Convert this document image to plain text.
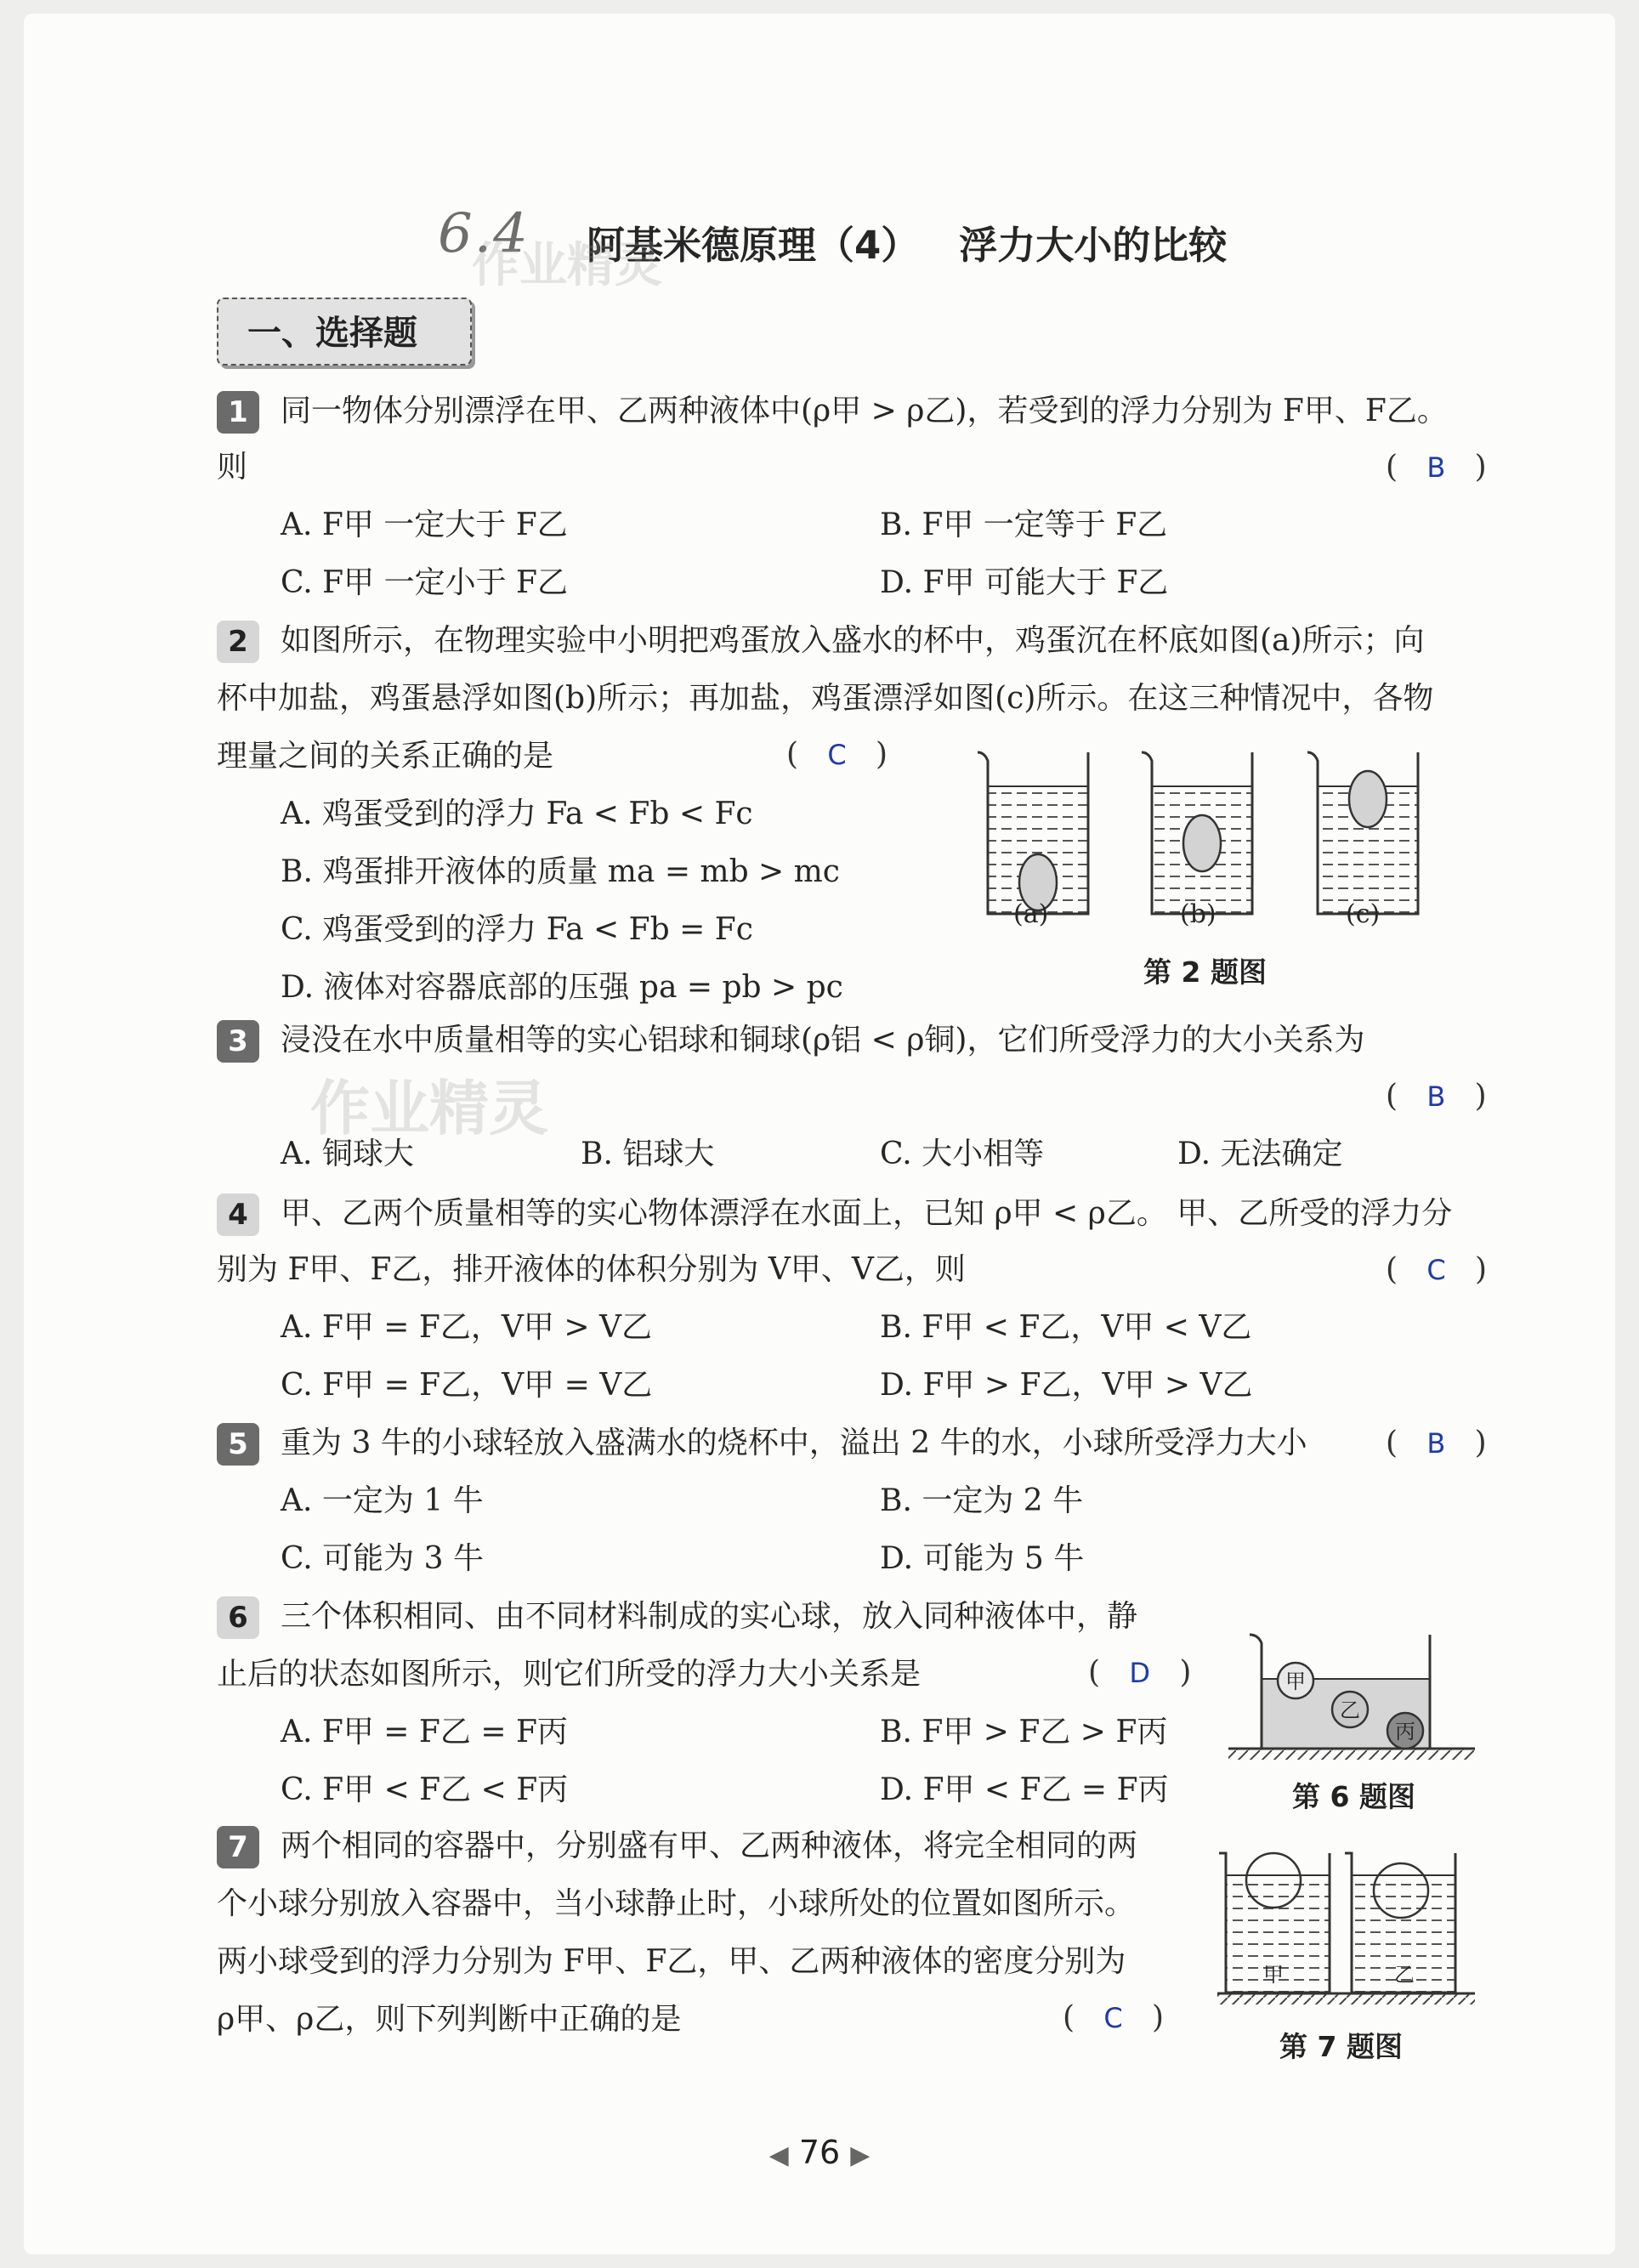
6.4 阿基米德原理（4）   浮力大小的比较
作业精灵
一、选择题
1	同一物体分别漂浮在甲、乙两种液体中(ρ甲 > ρ乙)，若受到的浮力分别为 F甲、F乙。
则	(   B   )
A. F甲 一定大于 F乙	B. F甲 一定等于 F乙
C. F甲 一定小于 F乙	D. F甲 可能大于 F乙
2	如图所示，在物理实验中小明把鸡蛋放入盛水的杯中，鸡蛋沉在杯底如图(a)所示；向
杯中加盐，鸡蛋悬浮如图(b)所示；再加盐，鸡蛋漂浮如图(c)所示。在这三种情况中，各物
理量之间的关系正确的是	(   C   )
A. 鸡蛋受到的浮力 Fa < Fb < Fc
B. 鸡蛋排开液体的质量 ma = mb > mc
C. 鸡蛋受到的浮力 Fa < Fb = Fc
D. 液体对容器底部的压强 pa = pb > pc
(a)	(b)	(c)
第 2 题图
3	浸没在水中质量相等的实心铝球和铜球(ρ铝 < ρ铜)，它们所受浮力的大小关系为
作业精灵	(   B   )
A. 铜球大	B. 铝球大	C. 大小相等	D. 无法确定
4	甲、乙两个质量相等的实心物体漂浮在水面上，已知 ρ甲 < ρ乙。 甲、乙所受的浮力分
别为 F甲、F乙，排开液体的体积分别为 V甲、V乙，则	(   C   )
A. F甲 = F乙，V甲 > V乙	B. F甲 < F乙，V甲 < V乙
C. F甲 = F乙，V甲 = V乙	D. F甲 > F乙，V甲 > V乙
5	重为 3 牛的小球轻放入盛满水的烧杯中，溢出 2 牛的水，小球所受浮力大小	(   B   )
A. 一定为 1 牛	B. 一定为 2 牛
C. 可能为 3 牛	D. 可能为 5 牛
6	三个体积相同、由不同材料制成的实心球，放入同种液体中，静
止后的状态如图所示，则它们所受的浮力大小关系是	(   D   )
A. F甲 = F乙 = F丙	B. F甲 > F乙 > F丙
C. F甲 < F乙 < F丙	D. F甲 < F乙 = F丙
甲
乙
丙
第 6 题图
7	两个相同的容器中，分别盛有甲、乙两种液体，将完全相同的两
个小球分别放入容器中，当小球静止时，小球所处的位置如图所示。
两小球受到的浮力分别为 F甲、F乙，甲、乙两种液体的密度分别为
ρ甲、ρ乙，则下列判断中正确的是	(   C   )
甲	乙
第 7 题图
◀ 76 ▶
